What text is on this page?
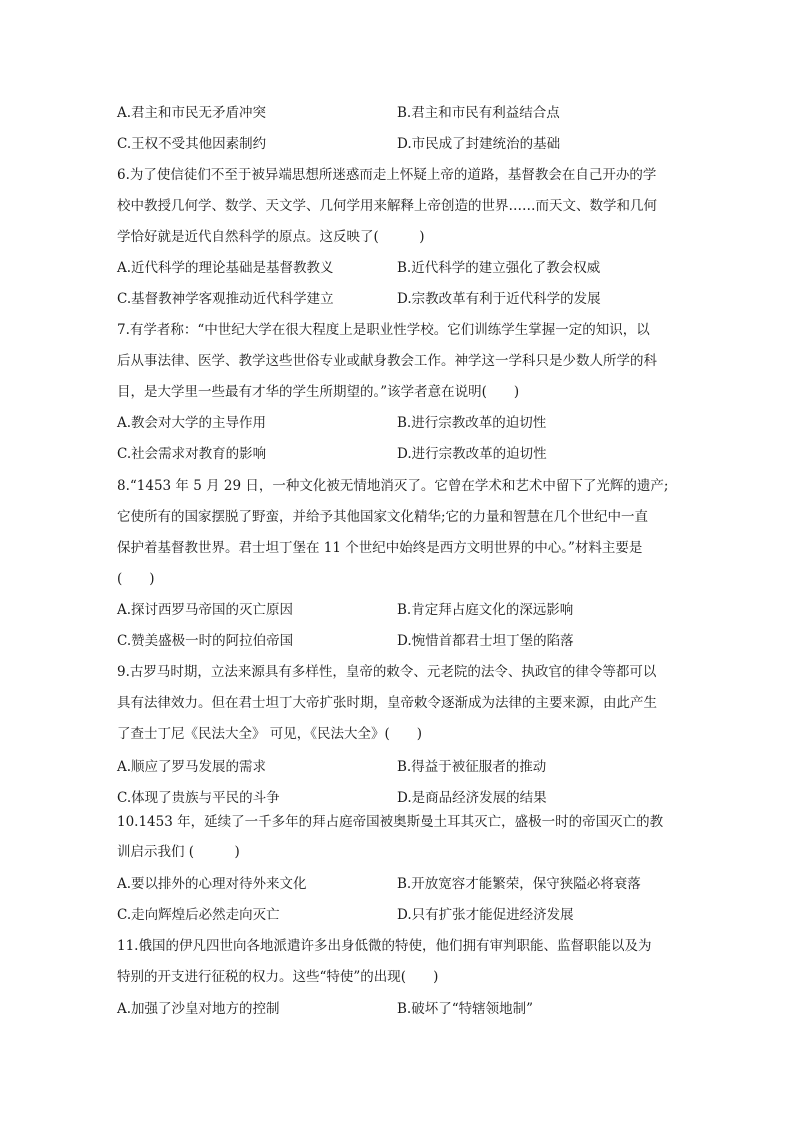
A.君主和市民无矛盾冲突	B.君主和市民有利益结合点
C.王权不受其他因素制约	D.市民成了封建统治的基础
6.为了使信徒们不至于被异端思想所迷惑而走上怀疑上帝的道路，基督教会在自己开办的学
校中教授几何学、数学、天文学、几何学用来解释上帝创造的世界……而天文、数学和几何
学恰好就是近代自然科学的原点。这反映了(　　　)
A.近代科学的理论基础是基督教教义	B.近代科学的建立强化了教会权威
C.基督教神学客观推动近代科学建立	D.宗教改革有利于近代科学的发展
7.有学者称：“中世纪大学在很大程度上是职业性学校。它们训练学生掌握一定的知识，以
后从事法律、医学、教学这些世俗专业或献身教会工作。神学这一学科只是少数人所学的科
目，是大学里一些最有才华的学生所期望的。”该学者意在说明(　　)
A.教会对大学的主导作用	B.进行宗教改革的迫切性
C.社会需求对教育的影响	D.进行宗教改革的迫切性
8.“1453 年 5 月 29 日，一种文化被无情地消灭了。它曾在学术和艺术中留下了光辉的遗产;
它使所有的国家摆脱了野蛮，并给予其他国家文化精华;它的力量和智慧在几个世纪中一直
保护着基督教世界。君士坦丁堡在 11 个世纪中始终是西方文明世界的中心。”材料主要是
(　　)
A.探讨西罗马帝国的灭亡原因	B.肯定拜占庭文化的深远影响
C.赞美盛极一时的阿拉伯帝国	D.惋惜首都君士坦丁堡的陷落
9.古罗马时期，立法来源具有多样性，皇帝的敕令、元老院的法令、执政官的律令等都可以
具有法律效力。但在君士坦丁大帝扩张时期，皇帝敕令逐渐成为法律的主要来源，由此产生
了查士丁尼《民法大全》 可见，《民法大全》(　　)
A.顺应了罗马发展的需求	B.得益于被征服者的推动
C.体现了贵族与平民的斗争	D.是商品经济发展的结果
10.1453 年，延续了一千多年的拜占庭帝国被奥斯曼土耳其灭亡，盛极一时的帝国灭亡的教
训启示我们 (　　　)
A.要以排外的心理对待外来文化	B.开放宽容才能繁荣，保守狭隘必将衰落
C.走向辉煌后必然走向灭亡	D.只有扩张才能促进经济发展
11.俄国的伊凡四世向各地派遣许多出身低微的特使，他们拥有审判职能、监督职能以及为
特别的开支进行征税的权力。这些“特使”的出现(　　)
A.加强了沙皇对地方的控制	B.破坏了“特辖领地制”
